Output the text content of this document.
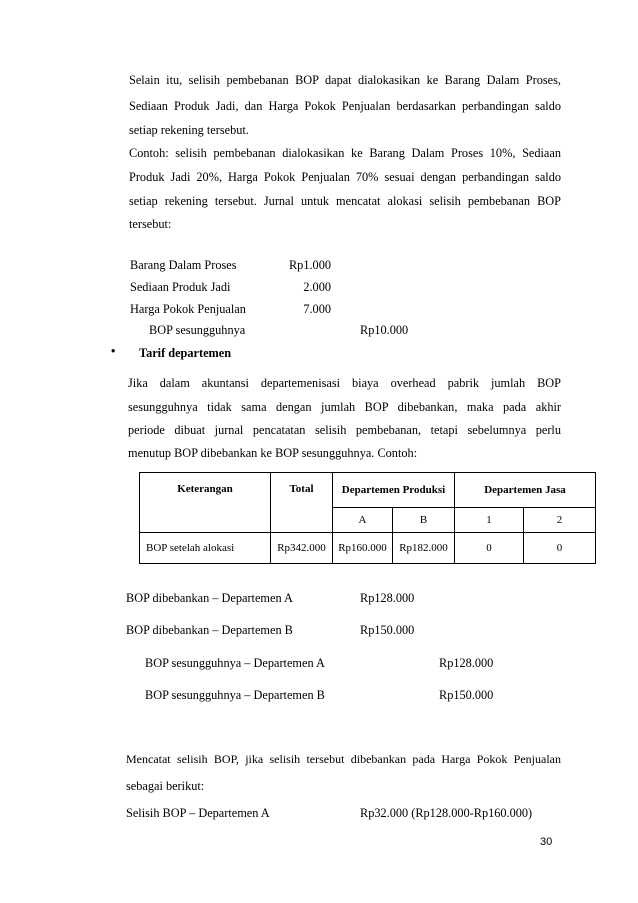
Selain itu, selisih pembebanan BOP dapat dialokasikan ke Barang Dalam Proses,
Sediaan Produk Jadi, dan Harga Pokok Penjualan berdasarkan perbandingan saldo
setiap rekening tersebut.
Contoh: selisih pembebanan dialokasikan ke Barang Dalam Proses 10%, Sediaan
Produk Jadi 20%, Harga Pokok Penjualan 70% sesuai dengan perbandingan saldo
setiap rekening tersebut. Jurnal untuk mencatat alokasi selisih pembebanan BOP
tersebut:
Barang Dalam Proses	Rp1.000
Sediaan Produk Jadi	2.000
Harga Pokok Penjualan	7.000
BOP sesungguhnya	Rp10.000
• Tarif departemen
Jika dalam akuntansi departemenisasi biaya overhead pabrik jumlah BOP
sesungguhnya tidak sama dengan jumlah BOP dibebankan, maka pada akhir
periode dibuat jurnal pencatatan selisih pembebanan, tetapi sebelumnya perlu
menutup BOP dibebankan ke BOP sesungguhnya. Contoh:
Keterangan	Total	Departemen Produksi		Departemen Jasa	
		A	B	1	2
BOP setelah alokasi	Rp342.000	Rp160.000	Rp182.000	0	0
BOP dibebankan – Departemen A	Rp128.000
BOP dibebankan – Departemen B	Rp150.000
BOP sesungguhnya – Departemen A	Rp128.000
BOP sesungguhnya – Departemen B	Rp150.000
Mencatat selisih BOP, jika selisih tersebut dibebankan pada Harga Pokok Penjualan
sebagai berikut:
Selisih BOP – Departemen A	Rp32.000 (Rp128.000-Rp160.000)
30
